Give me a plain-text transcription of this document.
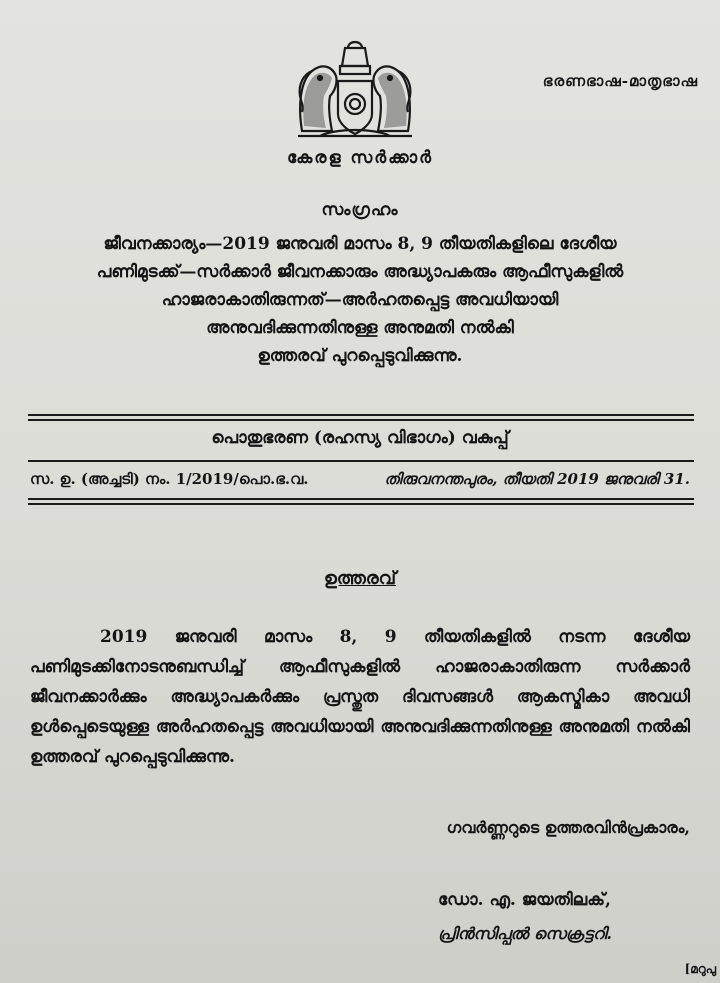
ഭരണഭാഷ-മാതൃഭാഷ
കേരള സർക്കാർ
സംഗ്രഹം
ജീവനക്കാര്യം—2019 ജനുവരി മാസം 8, 9 തീയതികളിലെ ദേശീയ
പണിമുടക്ക്—സർക്കാർ ജീവനക്കാരും അദ്ധ്യാപകരും ആഫീസുകളിൽ
ഹാജരാകാതിരുന്നത്—അർഹതപ്പെട്ട അവധിയായി
അനുവദിക്കുന്നതിനുള്ള അനുമതി നൽകി
ഉത്തരവ് പുറപ്പെടുവിക്കുന്നു.
പൊതുഭരണ (രഹസ്യ വിഭാഗം) വകുപ്പ്
സ. ഉ. (അച്ചടി) നം. 1/2019/പൊ.ഭ.വ.	തിരുവനന്തപുരം, തീയതി 2019 ജനുവരി 31.
ഉത്തരവ്
2019 ജനുവരി മാസം 8, 9 തീയതികളിൽ നടന്ന ദേശീയ പണിമുടക്കിനോടനുബന്ധിച്ച് ആഫീസുകളിൽ ഹാജരാകാതിരുന്ന സർക്കാർ ജീവനക്കാർക്കും അദ്ധ്യാപകർക്കും പ്രസ്തുത ദിവസങ്ങൾ ആകസ്മികാ അവധി ഉൾപ്പെടെയുള്ള അർഹതപ്പെട്ട അവധിയായി അനുവദിക്കുന്നതിനുള്ള അനുമതി നൽകി ഉത്തരവ് പുറപ്പെടുവിക്കുന്നു.
ഗവർണ്ണറുടെ ഉത്തരവിൻപ്രകാരം,
ഡോ. എ. ജയതിലക്,
പ്രിൻസിപ്പൽ സെക്രട്ടറി.
[മറുപു
